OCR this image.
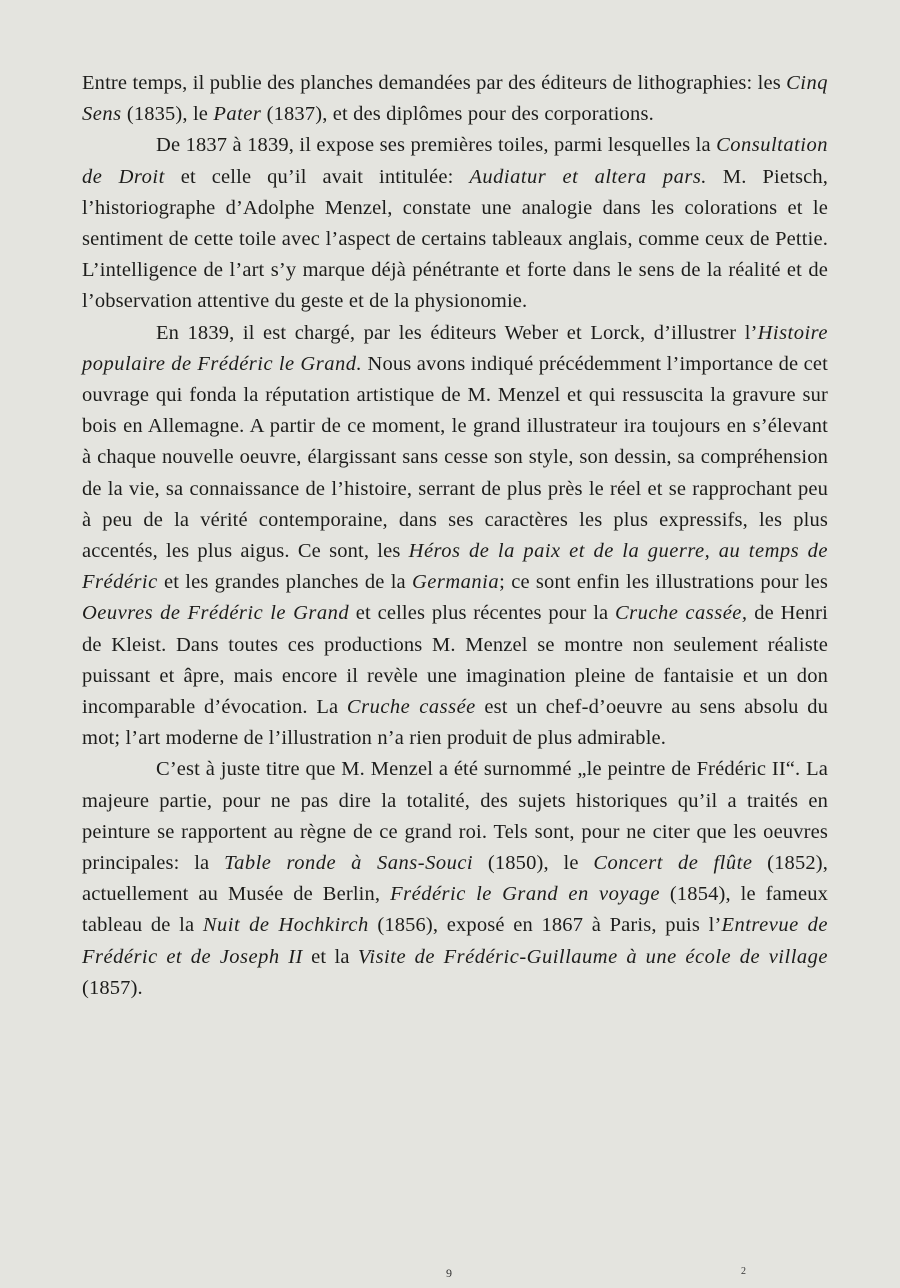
Entre temps, il publie des planches demandées par des éditeurs de lithographies: les Cinq Sens (1835), le Pater (1837), et des diplômes pour des corporations.

De 1837 à 1839, il expose ses premières toiles, parmi lesquelles la Consultation de Droit et celle qu’il avait intitulée: Audiatur et altera pars. M. Pietsch, l’historiographe d’Adolphe Menzel, constate une analogie dans les colorations et le sentiment de cette toile avec l’aspect de certains tableaux anglais, comme ceux de Pettie. L’intelligence de l’art s’y marque déjà pénétrante et forte dans le sens de la réalité et de l’observation attentive du geste et de la physionomie.

En 1839, il est chargé, par les éditeurs Weber et Lorck, d’illustrer l’Histoire populaire de Frédéric le Grand. Nous avons indiqué précédemment l’importance de cet ouvrage qui fonda la réputation artistique de M. Menzel et qui ressuscita la gravure sur bois en Allemagne. A partir de ce moment, le grand illustrateur ira toujours en s’élevant à chaque nouvelle oeuvre, élargissant sans cesse son style, son dessin, sa compréhension de la vie, sa connaissance de l’histoire, serrant de plus près le réel et se rapprochant peu à peu de la vérité contemporaine, dans ses caractères les plus expressifs, les plus accentés, les plus aigus. Ce sont, les Héros de la paix et de la guerre, au temps de Frédéric et les grandes planches de la Germania; ce sont enfin les illustrations pour les Oeuvres de Frédéric le Grand et celles plus récentes pour la Cruche cassée, de Henri de Kleist. Dans toutes ces productions M. Menzel se montre non seulement réaliste puissant et âpre, mais encore il revèle une imagination pleine de fantaisie et un don incomparable d’évocation. La Cruche cassée est un chef-d’oeuvre au sens absolu du mot; l’art moderne de l’illustration n’a rien produit de plus admirable.

C’est à juste titre que M. Menzel a été surnommé „le peintre de Frédéric II“. La majeure partie, pour ne pas dire la totalité, des sujets historiques qu’il a traités en peinture se rapportent au règne de ce grand roi. Tels sont, pour ne citer que les oeuvres principales: la Table ronde à Sans-Souci (1850), le Concert de flûte (1852), actuellement au Musée de Berlin, Frédéric le Grand en voyage (1854), le fameux tableau de la Nuit de Hochkirch (1856), exposé en 1867 à Paris, puis l’Entrevue de Frédéric et de Joseph II et la Visite de Frédéric-Guillaume à une école de village (1857).

9	2
